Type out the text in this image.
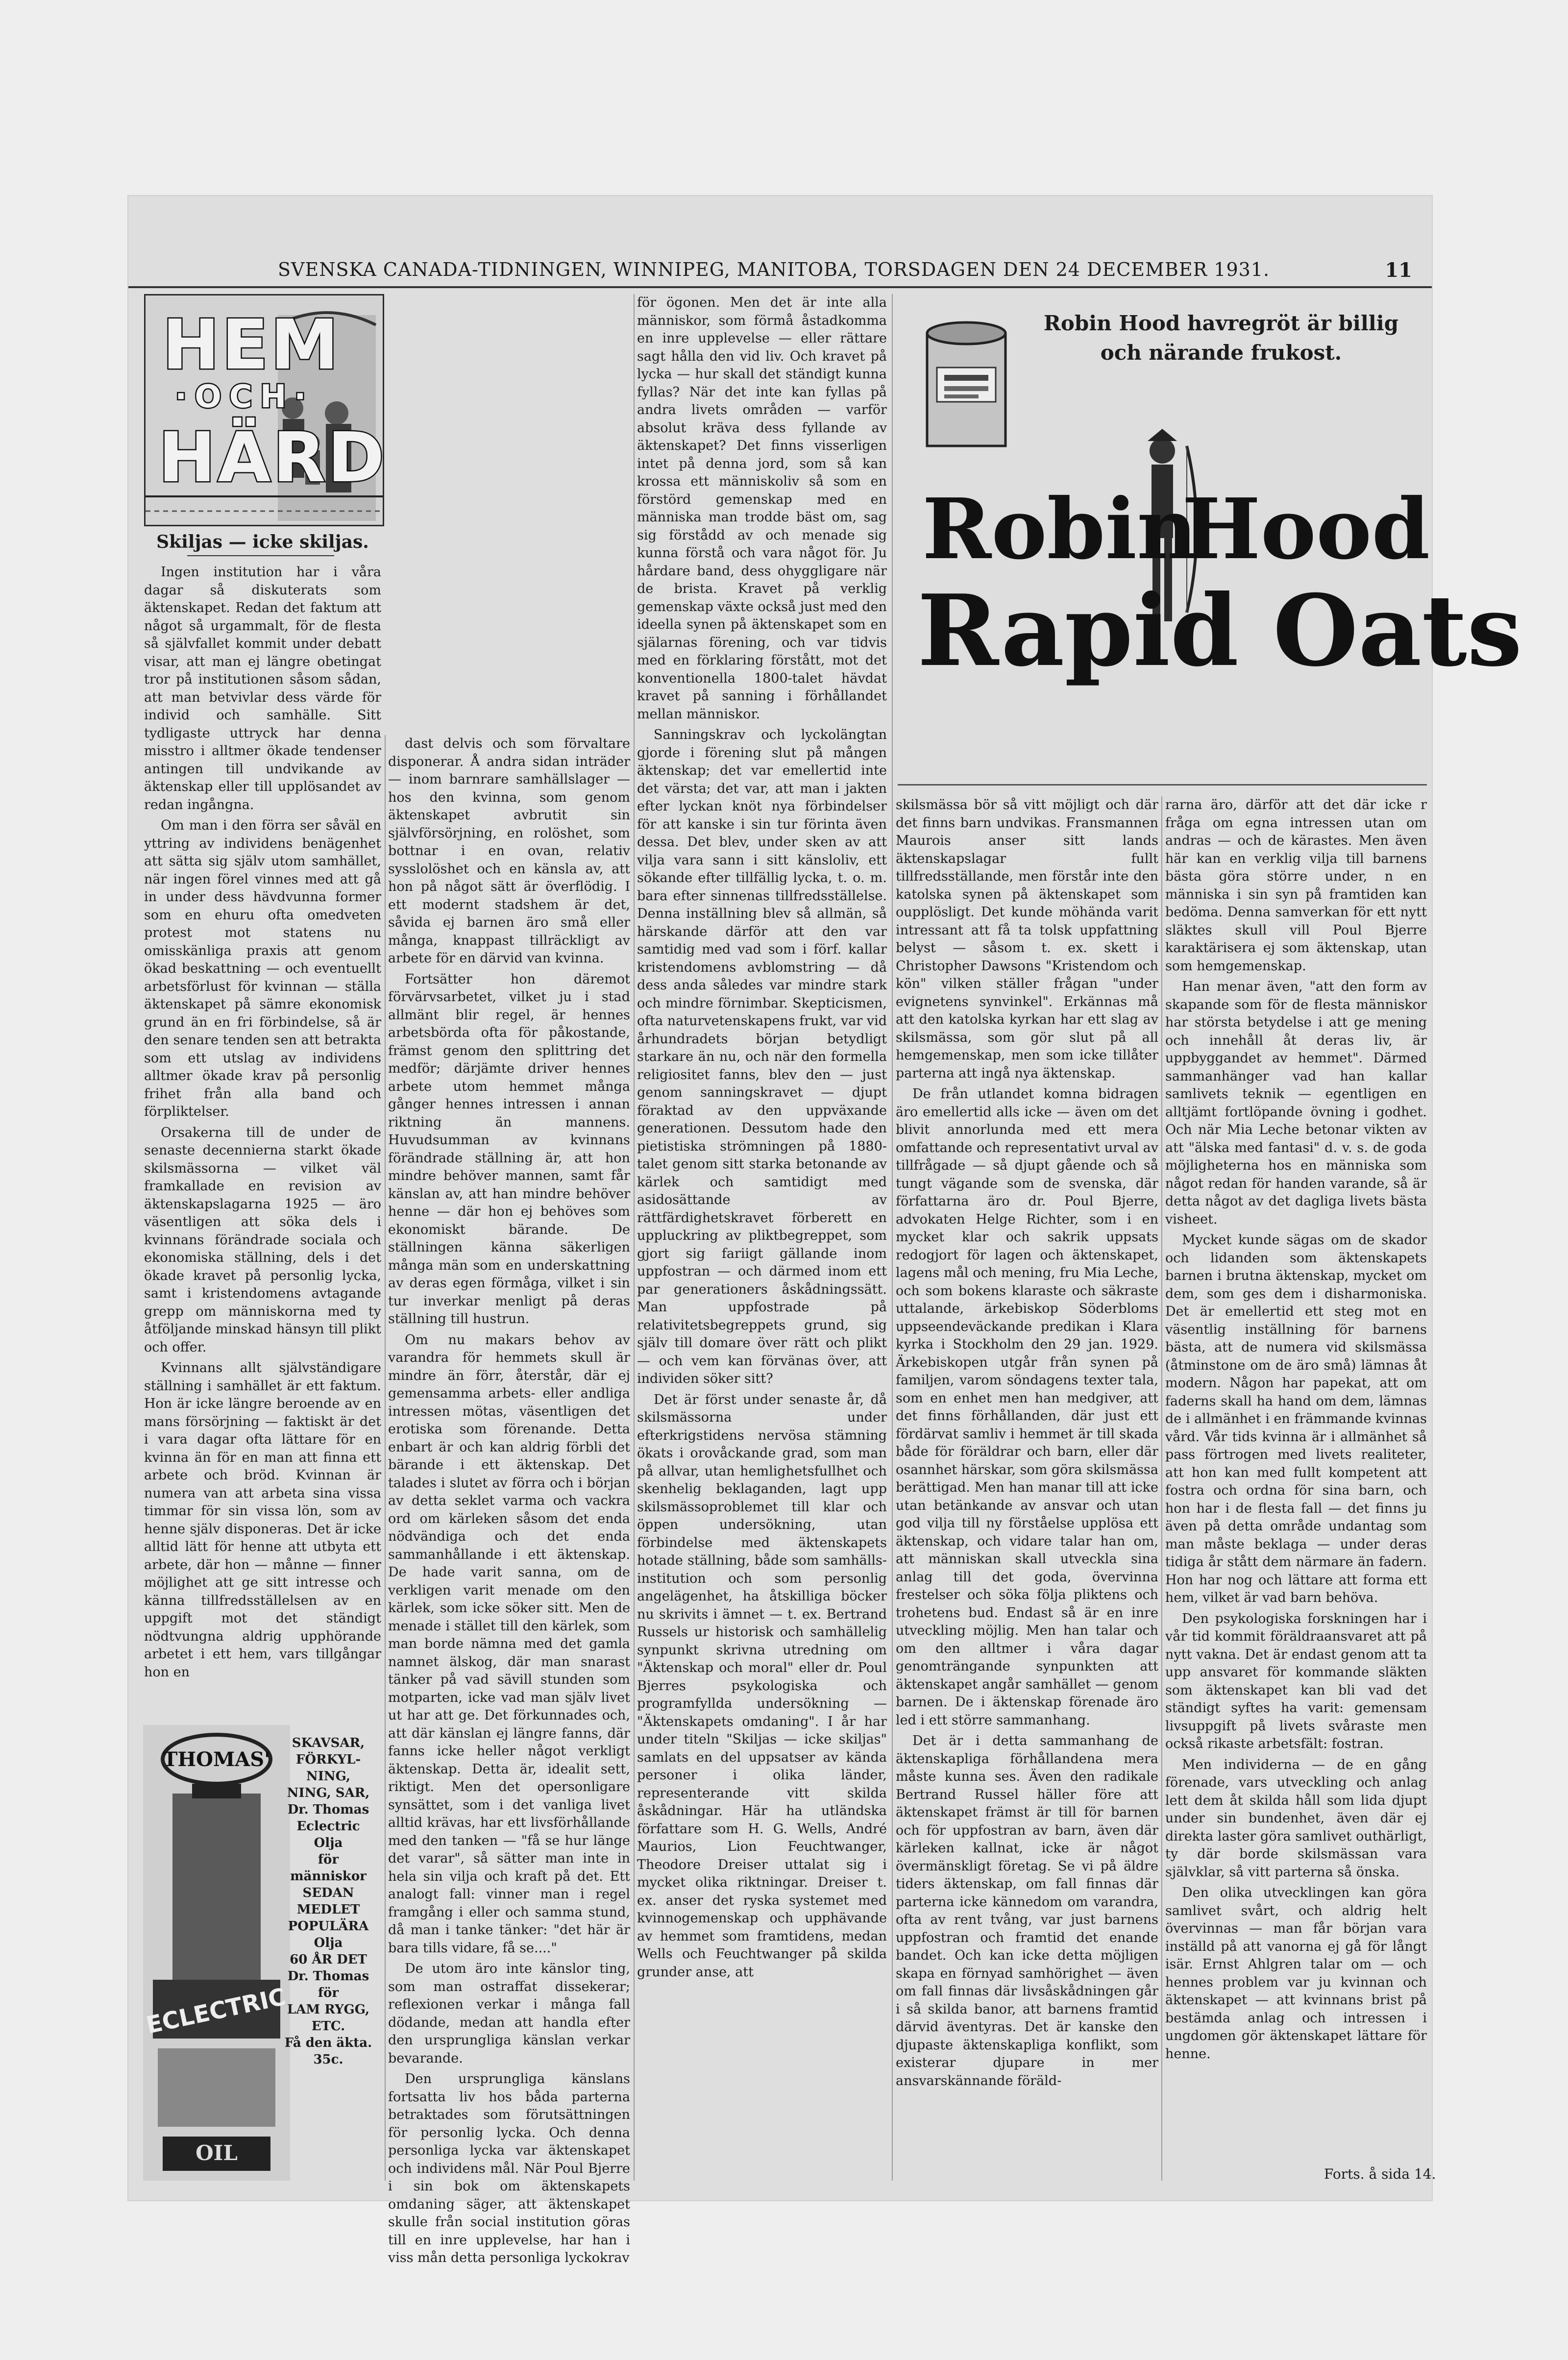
SVENSKA CANADA-TIDNINGEN, WINNIPEG, MANITOBA, TORSDAGEN DEN 24 DECEMBER 1931.	11
HEM
·OCH·
HÄRD
Skiljas — icke skiljas.

Ingen institution har i våra dagar så diskuterats som äktenskapet. Redan det faktum att något så urgammalt, för de flesta så självfallet kommit under debatt visar, att man ej längre obetingat tror på institutionen såsom sådan, att man betvivlar dess värde för individ och samhälle. Sitt tydligaste uttryck har denna misstro i alltmer ökade tendenser antingen till undvikande av äktenskap eller till upplösandet av redan ingångna.

Om man i den förra ser såväl en yttring av individens benägenhet att sätta sig själv utom samhället, när ingen förel vinnes med att gå in under dess hävdvunna former som en ehuru ofta omedveten protest mot statens nu omisskänliga praxis att genom ökad beskattning — och eventuellt arbetsförlust för kvinnan — ställa äktenskapet på sämre ekonomisk grund än en fri förbindelse, så är den senare tenden sen att betrakta som ett utslag av individens alltmer ökade krav på personlig frihet från alla band och förpliktelser.

Orsakerna till de under de senaste decennierna starkt ökade skilsmässorna — vilket väl framkallade en revision av äktenskapslagarna 1925 — äro väsentligen att söka dels i kvinnans förändrade sociala och ekonomiska ställning, dels i det ökade kravet på personlig lycka, samt i kristendomens avtagande grepp om människorna med ty åtföljande minskad hänsyn till plikt och offer.

Kvinnans allt självständigare ställning i samhället är ett faktum. Hon är icke längre beroende av en mans försörjning — faktiskt är det i vara dagar ofta lättare för en kvinna än för en man att finna ett arbete och bröd. Kvinnan är numera van att arbeta sina vissa timmar för sin vissa lön, som av henne själv disponeras. Det är icke alltid lätt för henne att utbyta ett arbete, där hon — månne — finner möjlighet att ge sitt intresse och känna tillfredsställelsen av en uppgift mot det ständigt nödtvungna aldrig upphörande arbetet i ett hem, vars tillgångar hon en

THOMAS'
ECLECTRIC
OIL
SKAVSAR,
FÖRKYL-
NING,
NING, SAR,
Dr. Thomas
Eclectric
Olja
för
människor
SEDAN
MEDLET
POPULÄRA
Olja
60 ÅR DET
Dr. Thomas
för
LAM RYGG,
ETC.
Få den äkta.
35c.

dast delvis och som förvaltare disponerar. Å andra sidan inträder — inom barnrare samhällslager — hos den kvinna, som genom äktenskapet avbrutit sin självförsörjning, en rolöshet, som bottnar i en ovan, relativ sysslolöshet och en känsla av, att hon på något sätt är överflödig. I ett modernt stadshem är det, såvida ej barnen äro små eller många, knappast tillräckligt av arbete för en därvid van kvinna.

Fortsätter hon däremot förvärvsarbetet, vilket ju i stad allmänt blir regel, är hennes arbetsbörda ofta för påkostande, främst genom den splittring det medför; därjämte driver hennes arbete utom hemmet många gånger hennes intressen i annan riktning än mannens. Huvudsumman av kvinnans förändrade ställning är, att hon mindre behöver mannen, samt får känslan av, att han mindre behöver henne — där hon ej behöves som ekonomiskt bärande. De ställningen känna säkerligen många män som en underskattning av deras egen förmåga, vilket i sin tur inverkar menligt på deras ställning till hustrun.

Om nu makars behov av varandra för hemmets skull är mindre än förr, återstår, där ej gemensamma arbets- eller andliga intressen mötas, väsentligen det erotiska som förenande. Detta enbart är och kan aldrig förbli det bärande i ett äktenskap. Det talades i slutet av förra och i början av detta seklet varma och vackra ord om kärleken såsom det enda nödvändiga och det enda sammanhållande i ett äktenskap. De hade varit sanna, om de verkligen varit menade om den kärlek, som icke söker sitt. Men de menade i stället till den kärlek, som man borde nämna med det gamla namnet älskog, där man snarast tänker på vad sävill stunden som motparten, icke vad man själv livet ut har att ge. Det förkunnades och, att där känslan ej längre fanns, där fanns icke heller något verkligt äktenskap. Detta är, idealit sett, riktigt. Men det opersonligare synsättet, som i det vanliga livet alltid krävas, har ett livsförhållande med den tanken — "få se hur länge det varar", så sätter man inte in hela sin vilja och kraft på det. Ett analogt fall: vinner man i regel framgång i eller och samma stund, då man i tanke tänker: "det här är bara tills vidare, få se...."

De utom äro inte känslor ting, som man ostraffat dissekerar; reflexionen verkar i många fall dödande, medan att handla efter den ursprungliga känslan verkar bevarande.

Den ursprungliga känslans fortsatta liv hos båda parterna betraktades som förutsättningen för personlig lycka. Och denna personliga lycka var äktenskapet och individens mål. När Poul Bjerre i sin bok om äktenskapets omdaning säger, att äktenskapet skulle från social institution göras till en inre upplevelse, har han i viss mån detta personliga lyckokrav

för ögonen. Men det är inte alla människor, som förmå åstadkomma en inre upplevelse — eller rättare sagt hålla den vid liv. Och kravet på lycka — hur skall det ständigt kunna fyllas? När det inte kan fyllas på andra livets områden — varför absolut kräva dess fyllande av äktenskapet? Det finns visserligen intet på denna jord, som så kan krossa ett människoliv så som en förstörd gemenskap med en människa man trodde bäst om, sag sig förstådd av och menade sig kunna förstå och vara något för. Ju hårdare band, dess ohyggligare när de brista. Kravet på verklig gemenskap växte också just med den ideella synen på äktenskapet som en själarnas förening, och var tidvis med en förklaring förstått, mot det konventionella 1800-talet hävdat kravet på sanning i förhållandet mellan människor.

Sanningskrav och lyckolängtan gjorde i förening slut på mången äktenskap; det var emellertid inte det värsta; det var, att man i jakten efter lyckan knöt nya förbindelser för att kanske i sin tur förinta även dessa. Det blev, under sken av att vilja vara sann i sitt känsloliv, ett sökande efter tillfällig lycka, t. o. m. bara efter sinnenas tillfredsställelse. Denna inställning blev så allmän, så härskande därför att den var samtidig med vad som i förf. kallar kristendomens avblomstring — då dess anda således var mindre stark och mindre förnimbar. Skepticismen, ofta naturvetenskapens frukt, var vid århundradets början betydligt starkare än nu, och när den formella religiositet fanns, blev den — just genom sanningskravet — djupt föraktad av den uppväxande generationen. Dessutom hade den pietistiska strömningen på 1880-talet genom sitt starka betonande av kärlek och samtidigt med asidosättande av rättfärdighetskravet förberett en uppluckring av pliktbegreppet, som gjort sig fariigt gällande inom uppfostran — och därmed inom ett par generationers åskådningssätt. Man uppfostrade på relativitetsbegreppets grund, sig själv till domare över rätt och plikt — och vem kan förvänas över, att individen söker sitt?

Det är först under senaste år, då skilsmässorna under efterkrigstidens nervösa stämning ökats i orovåckande grad, som man på allvar, utan hemlighetsfullhet och skenhelig beklaganden, lagt upp skilsmässoproblemet till klar och öppen undersökning, utan förbindelse med äktenskapets hotade ställning, både som samhälls-institution och som personlig angelägenhet, ha åtskilliga böcker nu skrivits i ämnet — t. ex. Bertrand Russels ur historisk och samhällelig synpunkt skrivna utredning om "Äktenskap och moral" eller dr. Poul Bjerres psykologiska och programfyllda undersökning — "Äktenskapets omdaning". I år har under titeln "Skiljas — icke skiljas" samlats en del uppsatser av kända personer i olika länder, representerande vitt skilda åskådningar. Här ha utländska författare som H. G. Wells, André Maurios, Lion Feuchtwanger, Theodore Dreiser uttalat sig i mycket olika riktningar. Dreiser t. ex. anser det ryska systemet med kvinnogemenskap och upphävande av hemmet som framtidens, medan Wells och Feuchtwanger på skilda grunder anse, att

Robin Hood havregröt är billig och närande frukost.
Robin
Hood
Rapid Oats

skilsmässa bör så vitt möjligt och där det finns barn undvikas. Fransmannen Maurois anser sitt lands äktenskapslagar fullt tillfredsställande, men förstår inte den katolska synen på äktenskapet som oupplösligt. Det kunde möhända varit intressant att få ta tolsk uppfattning belyst — såsom t. ex. skett i Christopher Dawsons "Kristendom och kön" vilken ställer frågan "under evignetens synvinkel". Erkännas må att den katolska kyrkan har ett slag av skilsmässa, som gör slut på all hemgemenskap, men som icke tillåter parterna att ingå nya äktenskap.

De från utlandet komna bidragen äro emellertid alls icke — även om det blivit annorlunda med ett mera omfattande och representativt urval av tillfrågade — så djupt gående och så tungt vägande som de svenska, där författarna äro dr. Poul Bjerre, advokaten Helge Richter, som i en mycket klar och sakrik uppsats redogjort för lagen och äktenskapet, lagens mål och mening, fru Mia Leche, och som bokens klaraste och säkraste uttalande, ärkebiskop Söderbloms uppseendeväckande predikan i Klara kyrka i Stockholm den 29 jan. 1929. Ärkebiskopen utgår från synen på familjen, varom söndagens texter tala, som en enhet men han medgiver, att det finns förhållanden, där just ett fördärvat samliv i hemmet är till skada både för föräldrar och barn, eller där osannhet härskar, som göra skilsmässa berättigad. Men han manar till att icke utan betänkande av ansvar och utan god vilja till ny förståelse upplösa ett äktenskap, och vidare talar han om, att människan skall utveckla sina anlag till det goda, övervinna frestelser och söka följa pliktens och trohetens bud. Endast så är en inre utveckling möjlig. Men han talar och om den alltmer i våra dagar genomträngande synpunkten att äktenskapet angår samhället — genom barnen. De i äktenskap förenade äro led i ett större sammanhang.

Det är i detta sammanhang de äktenskapliga förhållandena mera måste kunna ses. Även den radikale Bertrand Russel häller före att äktenskapet främst är till för barnen och för uppfostran av barn, även där kärleken kallnat, icke är något övermänskligt företag. Se vi på äldre tiders äktenskap, om fall finnas där parterna icke kännedom om varandra, ofta av rent tvång, var just barnens uppfostran och framtid det enande bandet. Och kan icke detta möjligen skapa en förnyad samhörighet — även om fall finnas där livsåskådningen går i så skilda banor, att barnens framtid därvid äventyras. Det är kanske den djupaste äktenskapliga konflikt, som existerar djupare in mer ansvarskännande föräld-

rarna äro, därför att det där icke r fråga om egna intressen utan om andras — och de kärastes. Men även här kan en verklig vilja till barnens bästa göra större under, n en människa i sin syn på framtiden kan bedöma. Denna samverkan för ett nytt släktes skull vill Poul Bjerre karaktärisera ej som äktenskap, utan som hemgemenskap.

Han menar även, "att den form av skapande som för de flesta människor har största betydelse i att ge mening och innehåll åt deras liv, är uppbyggandet av hemmet". Därmed sammanhänger vad han kallar samlivets teknik — egentligen en alltjämt fortlöpande övning i godhet. Och när Mia Leche betonar vikten av att "älska med fantasi" d. v. s. de goda möjligheterna hos en människa som något redan för handen varande, så är detta något av det dagliga livets bästa visheet.

Mycket kunde sägas om de skador och lidanden som äktenskapets barnen i brutna äktenskap, mycket om dem, som ges dem i disharmoniska. Det är emellertid ett steg mot en väsentlig inställning för barnens bästa, att de numera vid skilsmässa (åtminstone om de äro små) lämnas åt modern. Någon har papekat, att om faderns skall ha hand om dem, lämnas de i allmänhet i en främmande kvinnas vård. Vår tids kvinna är i allmänhet så pass förtrogen med livets realiteter, att hon kan med fullt kompetent att fostra och ordna för sina barn, och hon har i de flesta fall — det finns ju även på detta område undantag som man måste beklaga — under deras tidiga år stått dem närmare än fadern. Hon har nog och lättare att forma ett hem, vilket är vad barn behöva.

Den psykologiska forskningen har i vår tid kommit föräldraansvaret att på nytt vakna. Det är endast genom att ta upp ansvaret för kommande släkten som äktenskapet kan bli vad det ständigt syftes ha varit: gemensam livsuppgift på livets svåraste men också rikaste arbetsfält: fostran.

Men individerna — de en gång förenade, vars utveckling och anlag lett dem åt skilda håll som lida djupt under sin bundenhet, även där ej direkta laster göra samlivet outhärligt, ty där borde skilsmässan vara självklar, så vitt parterna så önska.

Den olika utvecklingen kan göra samlivet svårt, och aldrig helt övervinnas — man får början vara inställd på att vanorna ej gå för långt isär. Ernst Ahlgren talar om — och hennes problem var ju kvinnan och äktenskapet — att kvinnans brist på bestämda anlag och intressen i ungdomen gör äktenskapet lättare för henne.

Forts. å sida 14.
